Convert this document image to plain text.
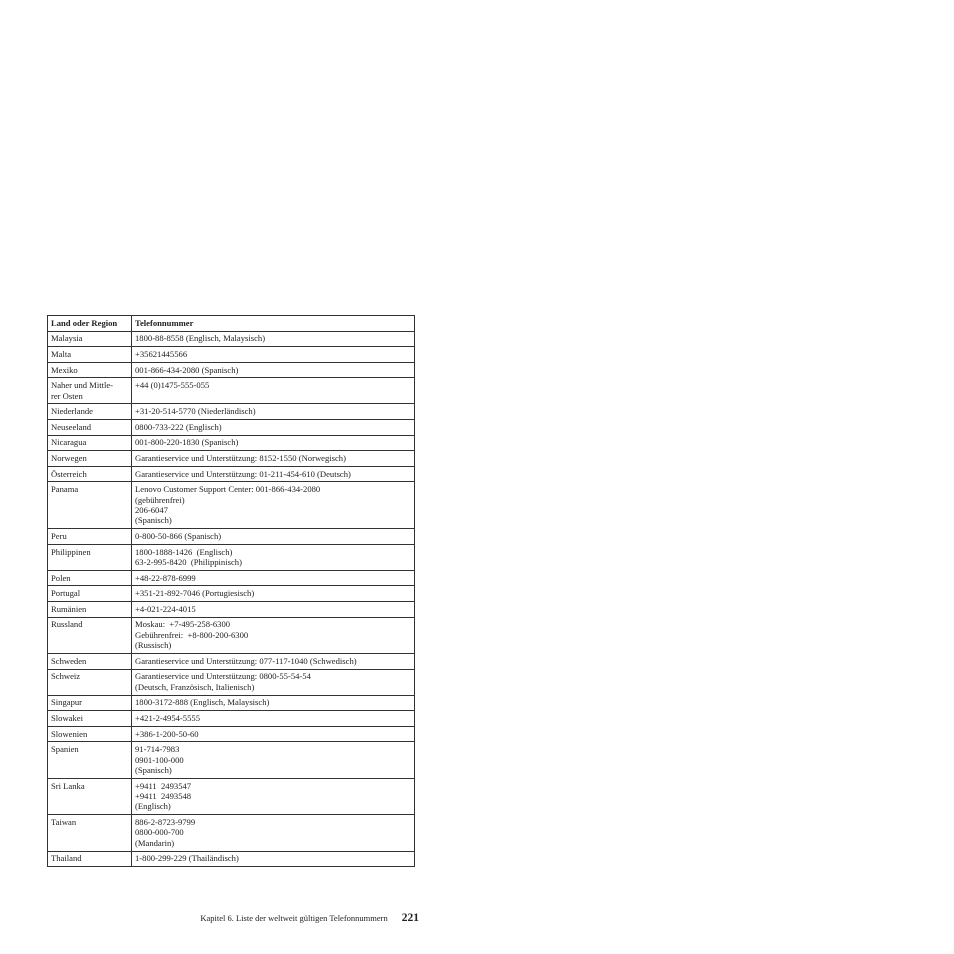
Land oder Region	Telefonnummer

Malaysia	1800-88-8558 (Englisch, Malaysisch)

Malta	+35621445566

Mexiko	001-866-434-2080 (Spanisch)

Naher und Mittle-
rer Osten	+44 (0)1475-555-055

Niederlande	+31-20-514-5770 (Niederländisch)

Neuseeland	0800-733-222 (Englisch)

Nicaragua	001-800-220-1830 (Spanisch)

Norwegen	Garantieservice und Unterstützung: 8152-1550 (Norwegisch)

Österreich	Garantieservice und Unterstützung: 01-211-454-610 (Deutsch)

Panama	Lenovo Customer Support Center: 001-866-434-2080
(gebührenfrei)
206-6047
(Spanisch)

Peru	0-800-50-866 (Spanisch)

Philippinen	1800-1888-1426  (Englisch)
63-2-995-8420  (Philippinisch)

Polen	+48-22-878-6999

Portugal	+351-21-892-7046 (Portugiesisch)

Rumänien	+4-021-224-4015

Russland	Moskau:  +7-495-258-6300
Gebührenfrei:  +8-800-200-6300
(Russisch)

Schweden	Garantieservice und Unterstützung: 077-117-1040 (Schwedisch)

Schweiz	Garantieservice und Unterstützung: 0800-55-54-54
(Deutsch, Französisch, Italienisch)

Singapur	1800-3172-888 (Englisch, Malaysisch)

Slowakei	+421-2-4954-5555

Slowenien	+386-1-200-50-60

Spanien	91-714-7983
0901-100-000
(Spanisch)

Sri Lanka	+9411  2493547
+9411  2493548
(Englisch)

Taiwan	886-2-8723-9799
0800-000-700
(Mandarin)

Thailand	1-800-299-229 (Thailändisch)
Kapitel 6. Liste der weltweit gültigen Telefonnummern 221
